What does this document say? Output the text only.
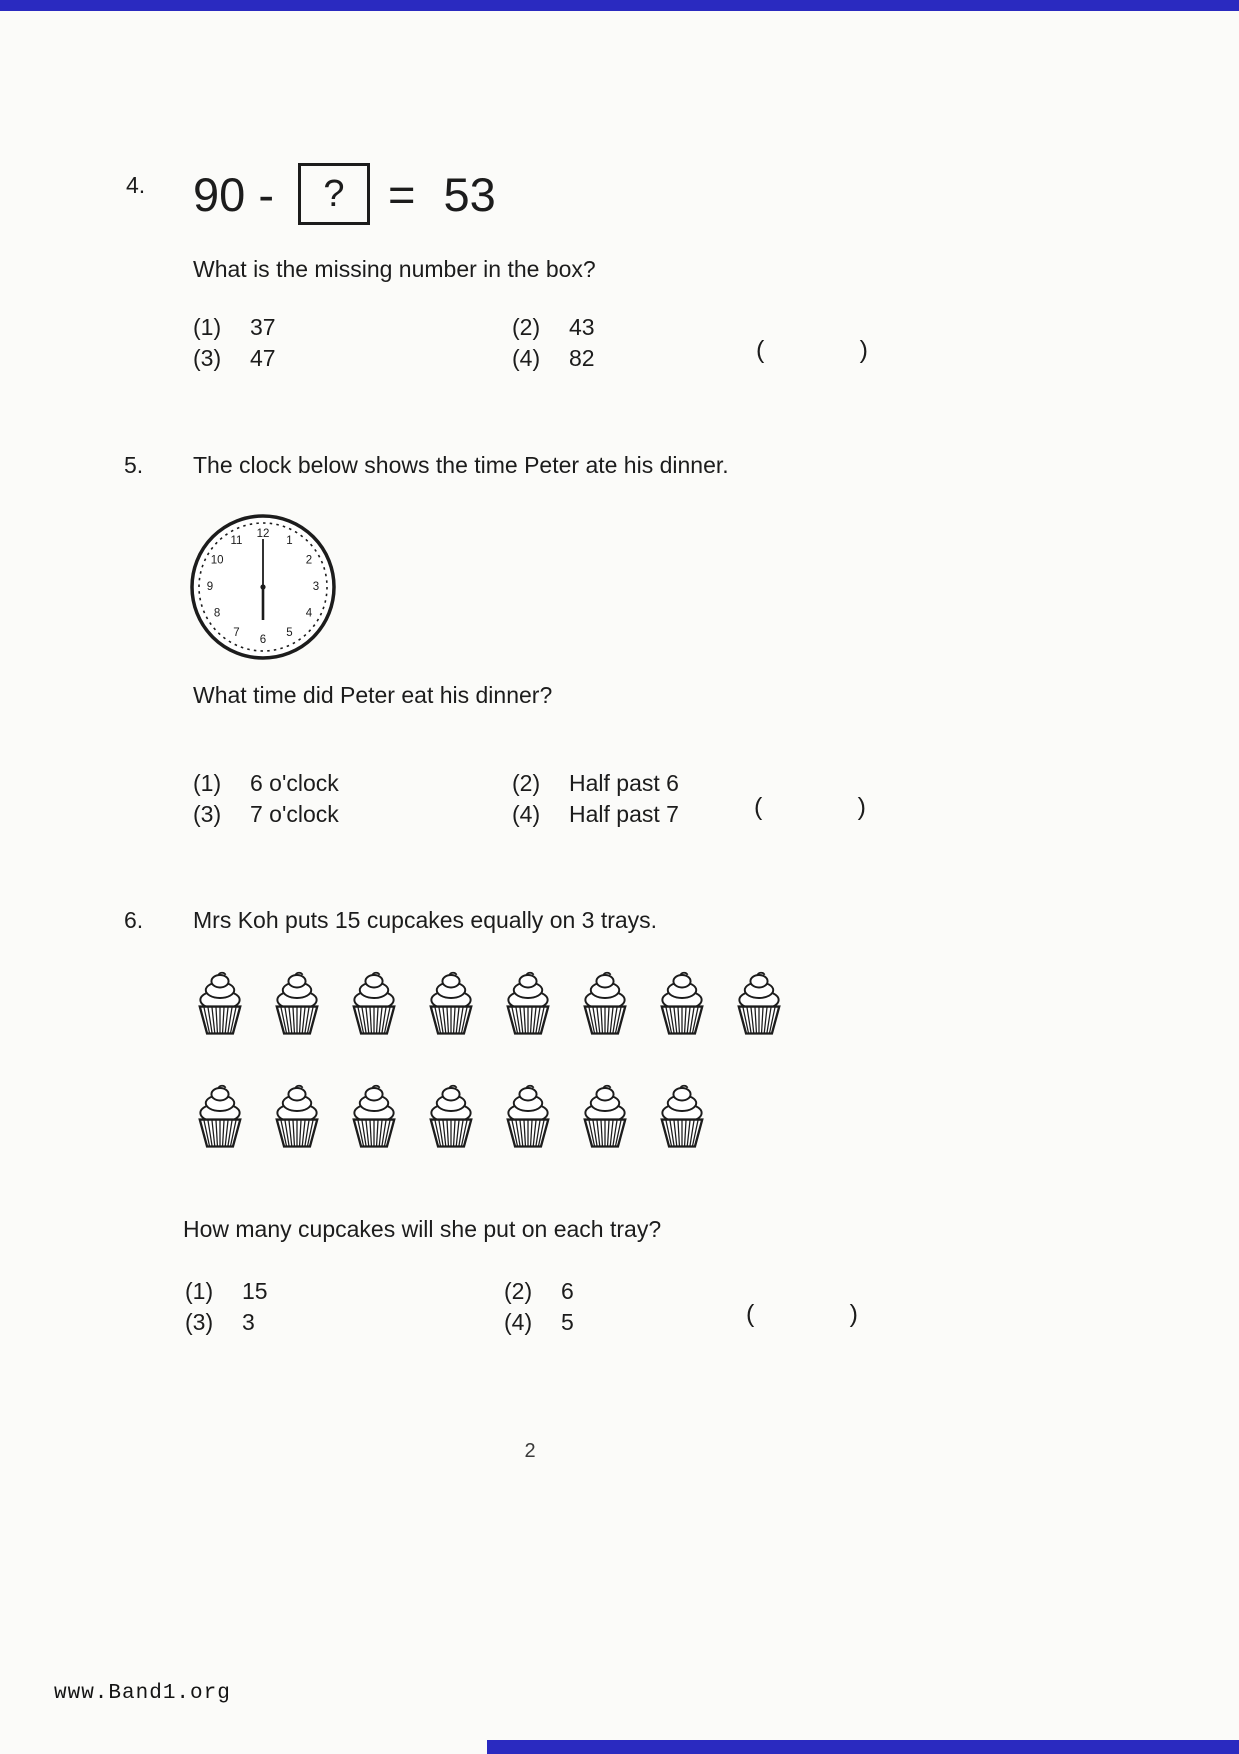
4. 90 -	? = 53
What is the missing number in the box?
(1)	37	(2)	43
(3)	47	(4)	82	(	)
5. The clock below shows the time Peter ate his dinner.
12
1
2
3
4
5
6
7
8
9
10
11
What time did Peter eat his dinner?
(1)	6 o'clock	(2)	Half past 6
(3)	7 o'clock	(4)	Half past 7	(	)
6. Mrs Koh puts 15 cupcakes equally on 3 trays.
How many cupcakes will she put on each tray?
(1)	15	(2)	6
(3)	3	(4)	5	(	)
2
www.Band1.org
